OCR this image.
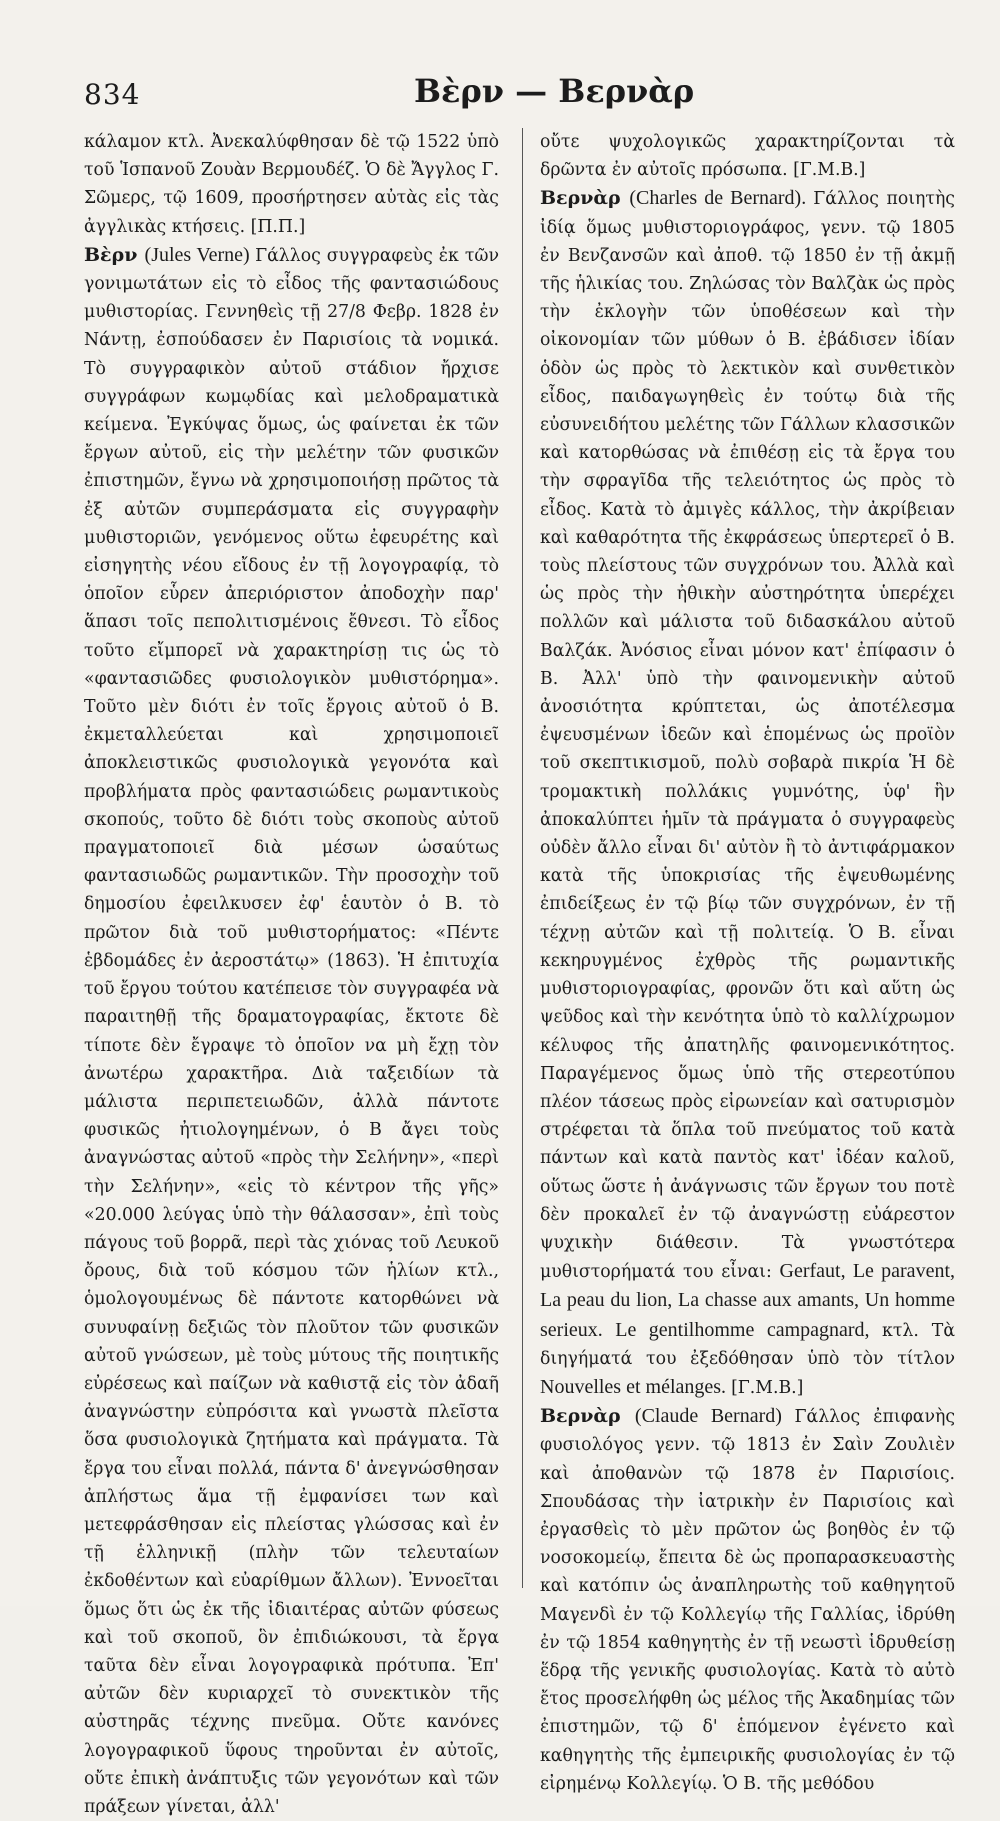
834	Βὲρν — Βερνὰρ

κάλαμον κτλ. Ἀνεκαλύφθησαν δὲ τῷ 1522 ὑπὸ τοῦ Ἱσπανοῦ Ζουὰν Βερμουδέζ. Ὁ δὲ Ἄγγλος Γ. Σῶμερς, τῷ 1609, προσήρτησεν αὐτὰς εἰς τὰς ἀγγλικὰς κτήσεις. [Π.Π.]

Βὲρν (Jules Verne) Γάλλος συγγραφεὺς ἐκ τῶν γονιμωτάτων εἰς τὸ εἶδος τῆς φαντασιώδους μυθιστορίας. Γεννηθεὶς τῇ 27/8 Φεβρ. 1828 ἐν Νάντῃ, ἐσπούδασεν ἐν Παρισίοις τὰ νομικά. Τὸ συγγραφικὸν αὐτοῦ στάδιον ἤρχισε συγγράφων κωμῳδίας καὶ μελοδραματικὰ κείμενα. Ἐγκύψας ὅμως, ὡς φαίνεται ἐκ τῶν ἔργων αὐτοῦ, εἰς τὴν μελέτην τῶν φυσικῶν ἐπιστημῶν, ἔγνω νὰ χρησιμοποιήσῃ πρῶτος τὰ ἐξ αὐτῶν συμπεράσματα εἰς συγγραφὴν μυθιστοριῶν, γενόμενος οὕτω ἐφευρέτης καὶ εἰσηγητὴς νέου εἴδους ἐν τῇ λογογραφίᾳ, τὸ ὁποῖον εὗρεν ἀπεριόριστον ἀποδοχὴν παρ' ἅπασι τοῖς πεπολιτισμένοις ἔθνεσι. Τὸ εἶδος τοῦτο εἴμπορεῖ νὰ χαρακτηρίσῃ τις ὡς τὸ «φαντασιῶδες φυσιολογικὸν μυθιστόρημα». Τοῦτο μὲν διότι ἐν τοῖς ἔργοις αὐτοῦ ὁ Β. ἐκμεταλλεύεται καὶ χρησιμοποιεῖ ἀποκλειστικῶς φυσιολογικὰ γεγονότα καὶ προβλήματα πρὸς φαντασιώδεις ρωμαντικοὺς σκοπούς, τοῦτο δὲ διότι τοὺς σκοποὺς αὐτοῦ πραγματοποιεῖ διὰ μέσων ὡσαύτως φαντασιωδῶς ρωμαντικῶν. Τὴν προσοχὴν τοῦ δημοσίου ἐφειλκυσεν ἐφ' ἑαυτὸν ὁ Β. τὸ πρῶτον διὰ τοῦ μυθιστορήματος: «Πέντε ἑβδομάδες ἐν ἀεροστάτῳ» (1863). Ἡ ἐπιτυχία τοῦ ἔργου τούτου κατέπεισε τὸν συγγραφέα νὰ παραιτηθῇ τῆς δραματογραφίας, ἔκτοτε δὲ τίποτε δὲν ἔγραψε τὸ ὁποῖον να μὴ ἔχῃ τὸν ἀνωτέρω χαρακτῆρα. Διὰ ταξειδίων τὰ μάλιστα περιπετειωδῶν, ἀλλὰ πάντοτε φυσικῶς ἠτιολογημένων, ὁ Β ἄγει τοὺς ἀναγνώστας αὐτοῦ «πρὸς τὴν Σελήνην», «περὶ τὴν Σελήνην», «εἰς τὸ κέντρον τῆς γῆς» «20.000 λεύγας ὑπὸ τὴν θάλασσαν», ἐπὶ τοὺς πάγους τοῦ βορρᾶ, περὶ τὰς χιόνας τοῦ Λευκοῦ ὄρους, διὰ τοῦ κόσμου τῶν ἡλίων κτλ., ὁμολογουμένως δὲ πάντοτε κατορθώνει νὰ συνυφαίνῃ δεξιῶς τὸν πλοῦτον τῶν φυσικῶν αὐτοῦ γνώσεων, μὲ τοὺς μύτους τῆς ποιητικῆς εὐρέσεως καὶ παίζων νὰ καθιστᾷ εἰς τὸν ἀδαῆ ἀναγνώστην εὐπρόσιτα καὶ γνωστὰ πλεῖστα ὅσα φυσιολογικὰ ζητήματα καὶ πράγματα. Τὰ ἔργα του εἶναι πολλά, πάντα δ' ἀνεγνώσθησαν ἀπλήστως ἅμα τῇ ἐμφανίσει των καὶ μετεφράσθησαν εἰς πλείστας γλώσσας καὶ ἐν τῇ ἑλληνικῇ (πλὴν τῶν τελευταίων ἐκδοθέντων καὶ εὐαρίθμων ἄλλων). Ἐννοεῖται ὅμως ὅτι ὡς ἐκ τῆς ἰδιαιτέρας αὐτῶν φύσεως καὶ τοῦ σκοποῦ, ὃν ἐπιδιώκουσι, τὰ ἔργα ταῦτα δὲν εἶναι λογογραφικὰ πρότυπα. Ἐπ' αὐτῶν δὲν κυριαρχεῖ τὸ συνεκτικὸν τῆς αὐστηρᾶς τέχνης πνεῦμα. Οὔτε κανόνες λογογραφικοῦ ὕφους τηροῦνται ἐν αὐτοῖς, οὔτε ἐπικὴ ἀνάπτυξις τῶν γεγονότων καὶ τῶν πράξεων γίνεται, ἀλλ'

οὔτε ψυχολογικῶς χαρακτηρίζονται τὰ δρῶντα ἐν αὐτοῖς πρόσωπα. [Γ.Μ.Β.]

Βερνὰρ (Charles de Bernard). Γάλλος ποιητὴς ἰδίᾳ ὅμως μυθιστοριογράφος, γενν. τῷ 1805 ἐν Βενζανσῶν καὶ ἀποθ. τῷ 1850 ἐν τῇ ἀκμῇ τῆς ἡλικίας του. Ζηλώσας τὸν Βαλζὰκ ὡς πρὸς τὴν ἐκλογὴν τῶν ὑποθέσεων καὶ τὴν οἰκονομίαν τῶν μύθων ὁ Β. ἐβάδισεν ἰδίαν ὁδὸν ὡς πρὸς τὸ λεκτικὸν καὶ συνθετικὸν εἶδος, παιδαγωγηθεὶς ἐν τούτῳ διὰ τῆς εὐσυνειδήτου μελέτης τῶν Γάλλων κλασσικῶν καὶ κατορθώσας νὰ ἐπιθέσῃ εἰς τὰ ἔργα του τὴν σφραγῖδα τῆς τελειότητος ὡς πρὸς τὸ εἶδος. Κατὰ τὸ ἀμιγὲς κάλλος, τὴν ἀκρίβειαν καὶ καθαρότητα τῆς ἐκφράσεως ὑπερτερεῖ ὁ Β. τοὺς πλείστους τῶν συγχρόνων του. Ἀλλὰ καὶ ὡς πρὸς τὴν ἠθικὴν αὐστηρότητα ὑπερέχει πολλῶν καὶ μάλιστα τοῦ διδασκάλου αὐτοῦ Βαλζάκ. Ἀνόσιος εἶναι μόνον κατ' ἐπίφασιν ὁ Β. Ἀλλ' ὑπὸ τὴν φαινομενικὴν αὐτοῦ ἀνοσιότητα κρύπτεται, ὡς ἀποτέλεσμα ἐψευσμένων ἰδεῶν καὶ ἑπομένως ὡς προϊὸν τοῦ σκεπτικισμοῦ, πολὺ σοβαρὰ πικρία Ἡ δὲ τρομακτικὴ πολλάκις γυμνότης, ὑφ' ἣν ἀποκαλύπτει ἡμῖν τὰ πράγματα ὁ συγγραφεὺς οὐδὲν ἄλλο εἶναι δι' αὐτὸν ἢ τὸ ἀντιφάρμακον κατὰ τῆς ὑποκρισίας τῆς ἐψευθωμένης ἐπιδείξεως ἐν τῷ βίῳ τῶν συγχρόνων, ἐν τῇ τέχνῃ αὐτῶν καὶ τῇ πολιτείᾳ. Ὁ Β. εἶναι κεκηρυγμένος ἐχθρὸς τῆς ρωμαντικῆς μυθιστοριογραφίας, φρονῶν ὅτι καὶ αὕτη ὡς ψεῦδος καὶ τὴν κενότητα ὑπὸ τὸ καλλίχρωμον κέλυφος τῆς ἀπατηλῆς φαινομενικότητος. Παραγέμενος ὅμως ὑπὸ τῆς στερεοτύπου πλέον τάσεως πρὸς εἰρωνείαν καὶ σατυρισμὸν στρέφεται τὰ ὅπλα τοῦ πνεύματος τοῦ κατὰ πάντων καὶ κατὰ παντὸς κατ' ἰδέαν καλοῦ, οὕτως ὥστε ἡ ἀνάγνωσις τῶν ἔργων του ποτὲ δὲν προκαλεῖ ἐν τῷ ἀναγνώστῃ εὐάρεστον ψυχικὴν διάθεσιν. Τὰ γνωστότερα μυθιστορήματά του εἶναι: Gerfaut, Le paravent, La peau du lion, La chasse aux amants, Un homme serieux. Le gentilhomme campagnard, κτλ. Τὰ διηγήματά του ἐξεδόθησαν ὑπὸ τὸν τίτλον Nouvelles et mélanges. [Γ.Μ.Β.]

Βερνὰρ (Claude Bernard) Γάλλος ἐπιφανὴς φυσιολόγος γενν. τῷ 1813 ἐν Σαὶν Ζουλιὲν καὶ ἀποθανὼν τῷ 1878 ἐν Παρισίοις. Σπουδάσας τὴν ἰατρικὴν ἐν Παρισίοις καὶ ἐργασθεὶς τὸ μὲν πρῶτον ὡς βοηθὸς ἐν τῷ νοσοκομείῳ, ἔπειτα δὲ ὡς προπαρασκευαστὴς καὶ κατόπιν ὡς ἀναπληρωτὴς τοῦ καθηγητοῦ Μαγενδὶ ἐν τῷ Κολλεγίῳ τῆς Γαλλίας, ἱδρύθη ἐν τῷ 1854 καθηγητὴς ἐν τῇ νεωστὶ ἱδρυθείσῃ ἕδρᾳ τῆς γενικῆς φυσιολογίας. Κατὰ τὸ αὐτὸ ἔτος προσελήφθη ὡς μέλος τῆς Ἀκαδημίας τῶν ἐπιστημῶν, τῷ δ' ἑπόμενον ἐγένετο καὶ καθηγητὴς τῆς ἐμπειρικῆς φυσιολογίας ἐν τῷ εἰρημένῳ Κολλεγίῳ. Ὁ Β. τῆς μεθόδου
